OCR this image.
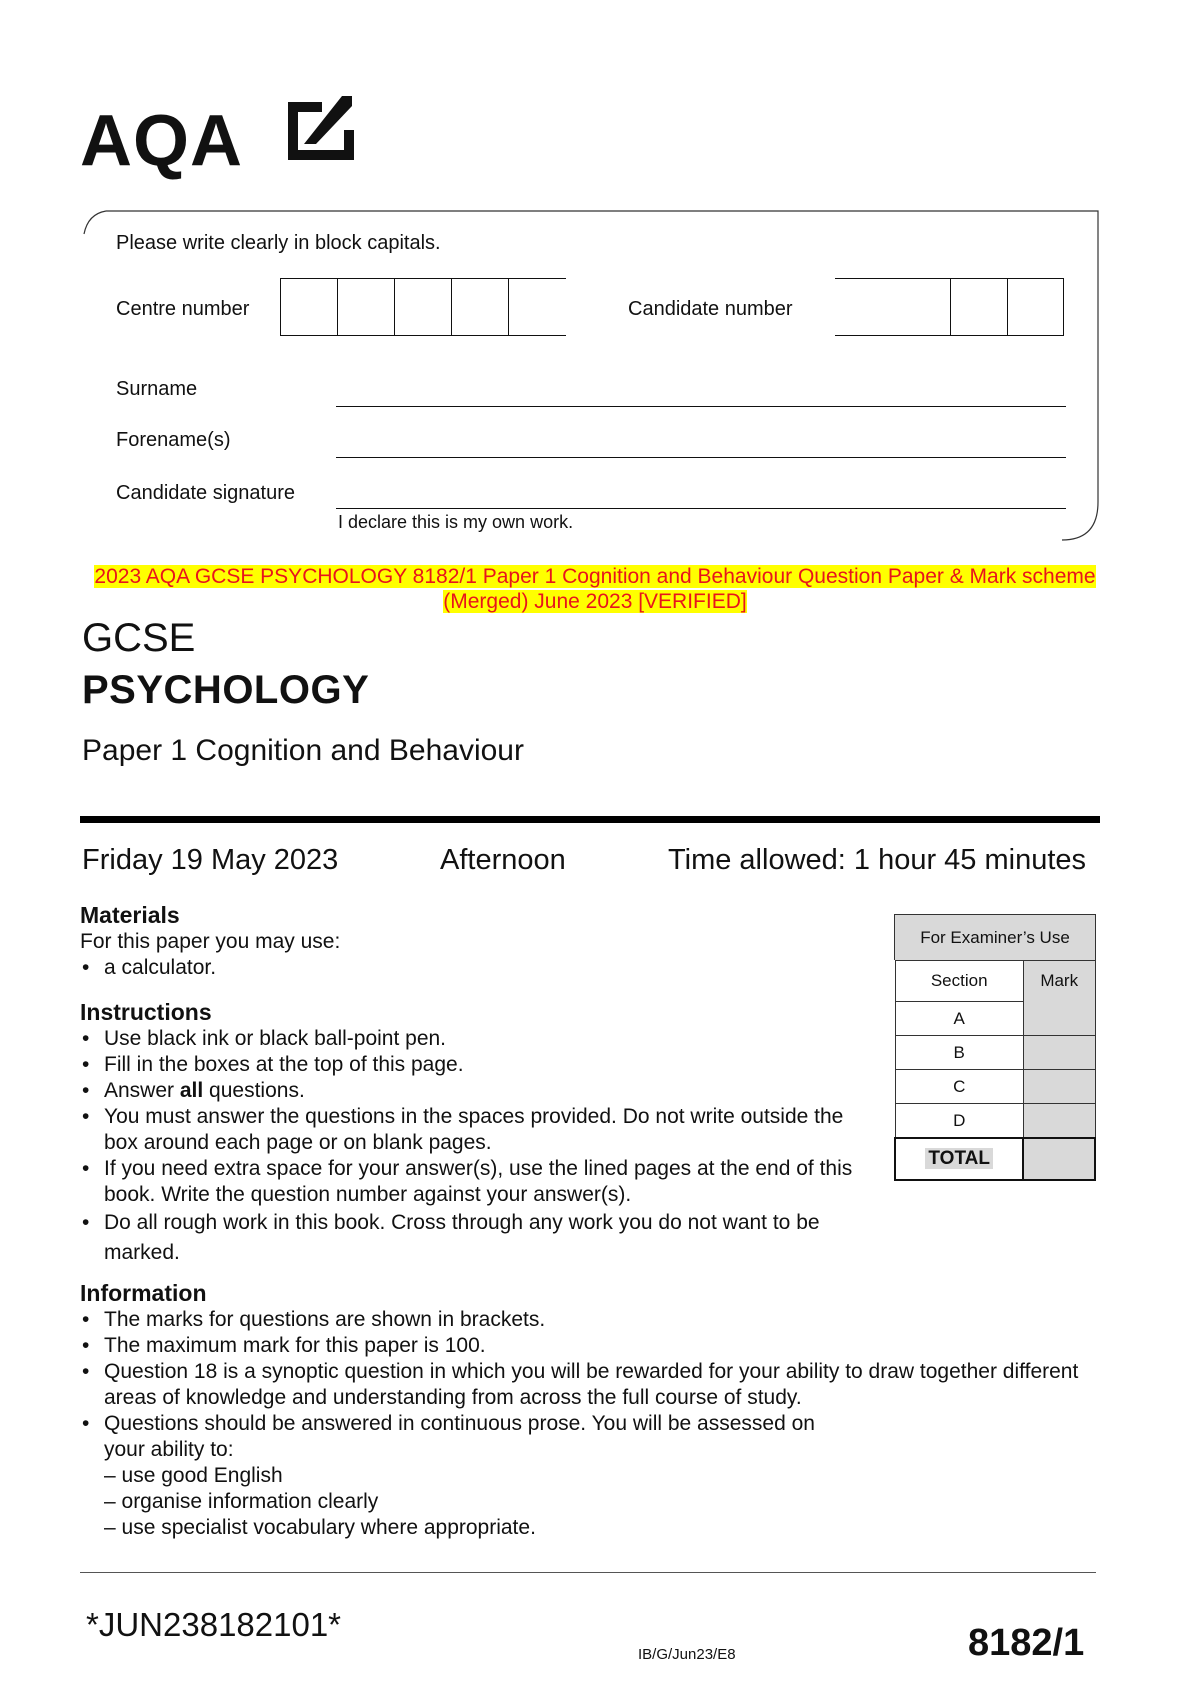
AQA
Please write clearly in block capitals.
Centre number	Candidate number
Surname
Forename(s)
Candidate signature
I declare this is my own work.
2023 AQA GCSE PSYCHOLOGY 8182/1 Paper 1 Cognition and Behaviour Question Paper & Mark scheme (Merged) June 2023 [VERIFIED]
GCSE
PSYCHOLOGY
Paper 1 Cognition and Behaviour
Friday 19 May 2023	Afternoon	Time allowed: 1 hour 45 minutes
Materials
For this paper you may use:
• a calculator.
Instructions
• Use black ink or black ball-point pen.
• Fill in the boxes at the top of this page.
• Answer all questions.
• You must answer the questions in the spaces provided. Do not write outside the box around each page or on blank pages.
• If you need extra space for your answer(s), use the lined pages at the end of this book. Write the question number against your answer(s).
• Do all rough work in this book. Cross through any work you do not want to be marked.
Information
• The marks for questions are shown in brackets.
• The maximum mark for this paper is 100.
• Question 18 is a synoptic question in which you will be rewarded for your ability to draw together different areas of knowledge and understanding from across the full course of study.
• Questions should be answered in continuous prose. You will be assessed on your ability to:
– use good English
– organise information clearly
– use specialist vocabulary where appropriate.
For Examiner’s Use
Section	Mark
A	
B	
C	
D	
TOTAL	
*JUN238182101*
IB/G/Jun23/E8	8182/1
